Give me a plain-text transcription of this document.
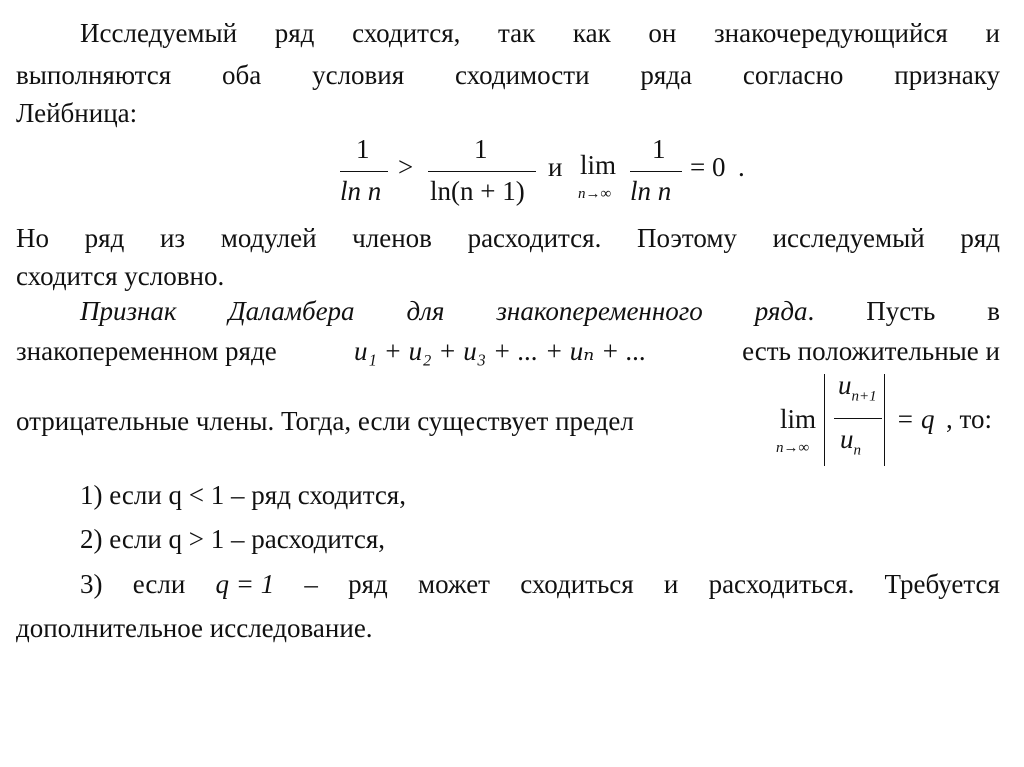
Исследуемый ряд сходится, так как он знакочередующийся и
выполняются оба условия сходимости ряда согласно признаку
Лейбница:
1
ln n
>
1
ln(n + 1)
и lim
n→∞
1
ln n
= 0 .
Но ряд из модулей членов расходится. Поэтому исследуемый ряд
сходится условно.
Признак Даламбера для знакопеременного ряда. Пусть в
знакопеременном ряде	u₁ + u₂ + u₃ + ... + uₙ + ...	есть положительные и
отрицательные члены. Тогда, если существует предел	lim
n→∞
$u_{n+1}$
$u_n$
= q , то:
1) если q < 1 – ряд сходится,
2) если q > 1 – расходится,
3) если q = 1 – ряд может сходиться и расходиться. Требуется
дополнительное исследование.
